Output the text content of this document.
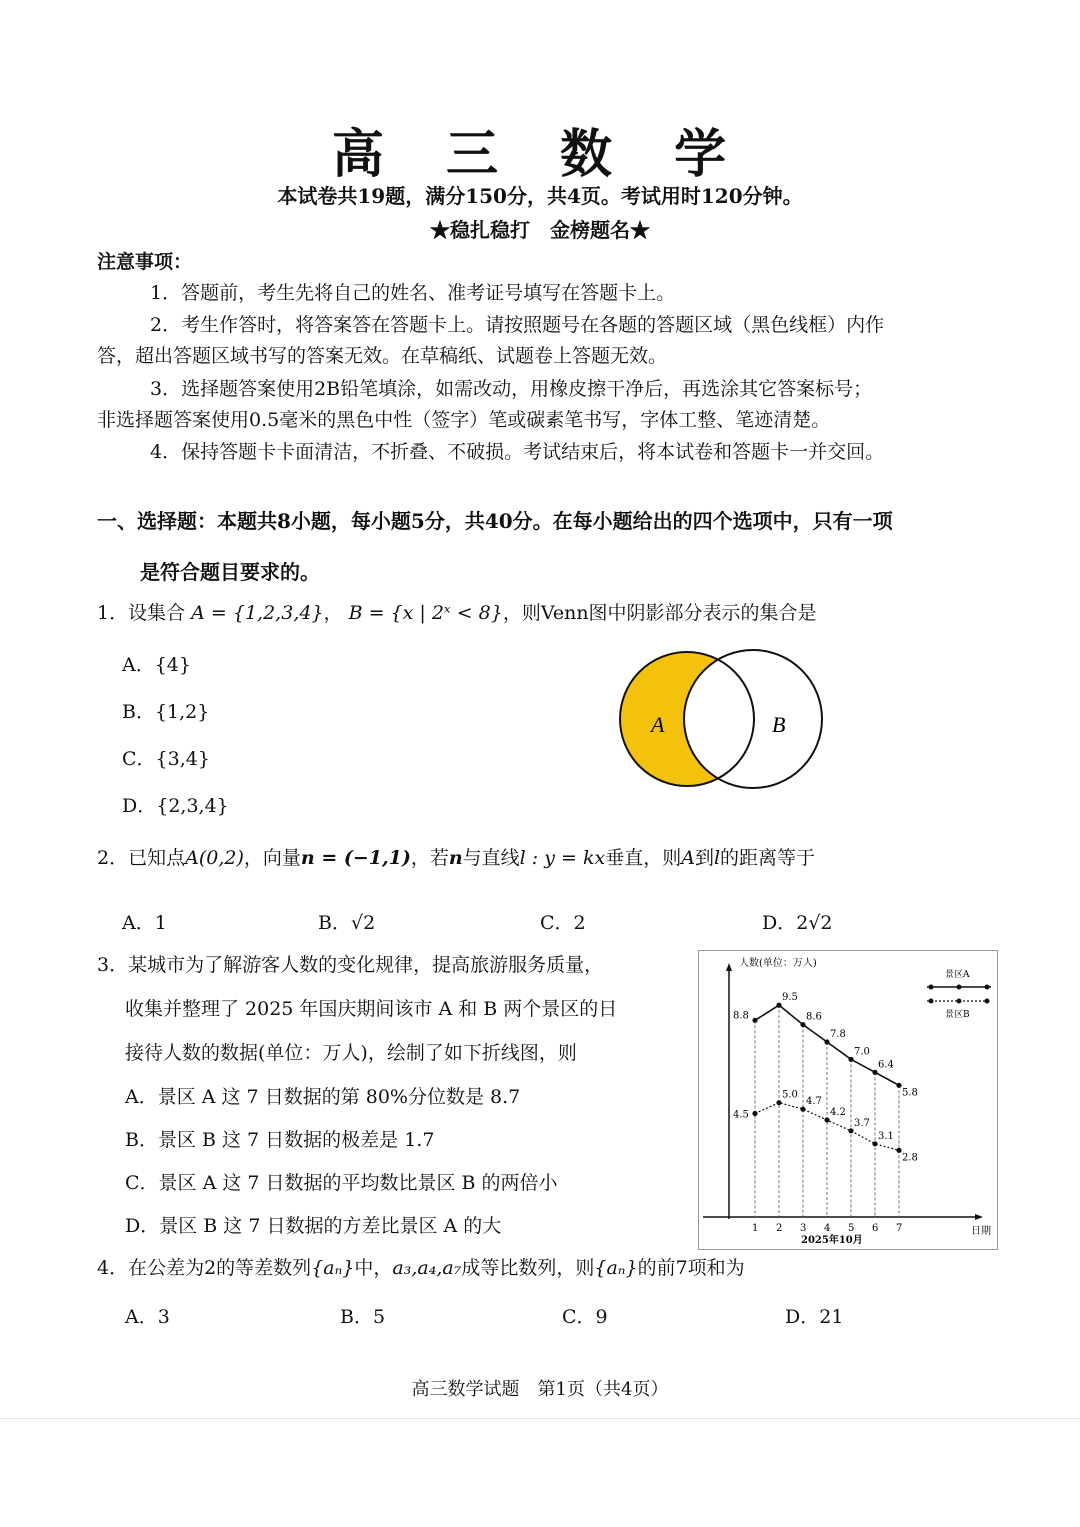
高 三 数 学
本试卷共19题，满分150分，共4页。考试用时120分钟。
★稳扎稳打　金榜题名★
注意事项：
1．答题前，考生先将自己的姓名、准考证号填写在答题卡上。
2．考生作答时，将答案答在答题卡上。请按照题号在各题的答题区域（黑色线框）内作
答，超出答题区域书写的答案无效。在草稿纸、试题卷上答题无效。
3．选择题答案使用2B铅笔填涂，如需改动，用橡皮擦干净后，再选涂其它答案标号；
非选择题答案使用0.5毫米的黑色中性（签字）笔或碳素笔书写，字体工整、笔迹清楚。
4．保持答题卡卡面清洁，不折叠、不破损。考试结束后，将本试卷和答题卡一并交回。
一、选择题：本题共8小题，每小题5分，共40分。在每小题给出的四个选项中，只有一项
是符合题目要求的。
1．设集合 A = {1,2,3,4}， B = {x | 2ˣ < 8}，则Venn图中阴影部分表示的集合是
A．{4}
B．{1,2}
C．{3,4}
D．{2,3,4}
A	B
2．已知点A(0,2)，向量n = (−1,1)，若n与直线l : y = kx垂直，则A到l的距离等于
A．1	B．√2	C．2	D．2√2
3．某城市为了解游客人数的变化规律，提高旅游服务质量，
收集并整理了 2025 年国庆期间该市 A 和 B 两个景区的日
接待人数的数据(单位：万人)，绘制了如下折线图，则
A．景区 A 这 7 日数据的第 80%分位数是 8.7
B．景区 B 这 7 日数据的极差是 1.7
C．景区 A 这 7 日数据的平均数比景区 B 的两倍小
D．景区 B 这 7 日数据的方差比景区 A 的大
人数(单位：万人)
日期
2025年10月
景区A
景区B
1 2 3 4 5 6 7
8.8
9.5
8.6
7.8
7.0
6.4
5.8
4.5
5.0
4.7
4.2
3.7
3.1
2.8
4．在公差为2的等差数列{aₙ}中，a₃,a₄,a₇成等比数列，则{aₙ}的前7项和为
A．3	B．5	C．9	D．21
高三数学试题　第1页（共4页）
